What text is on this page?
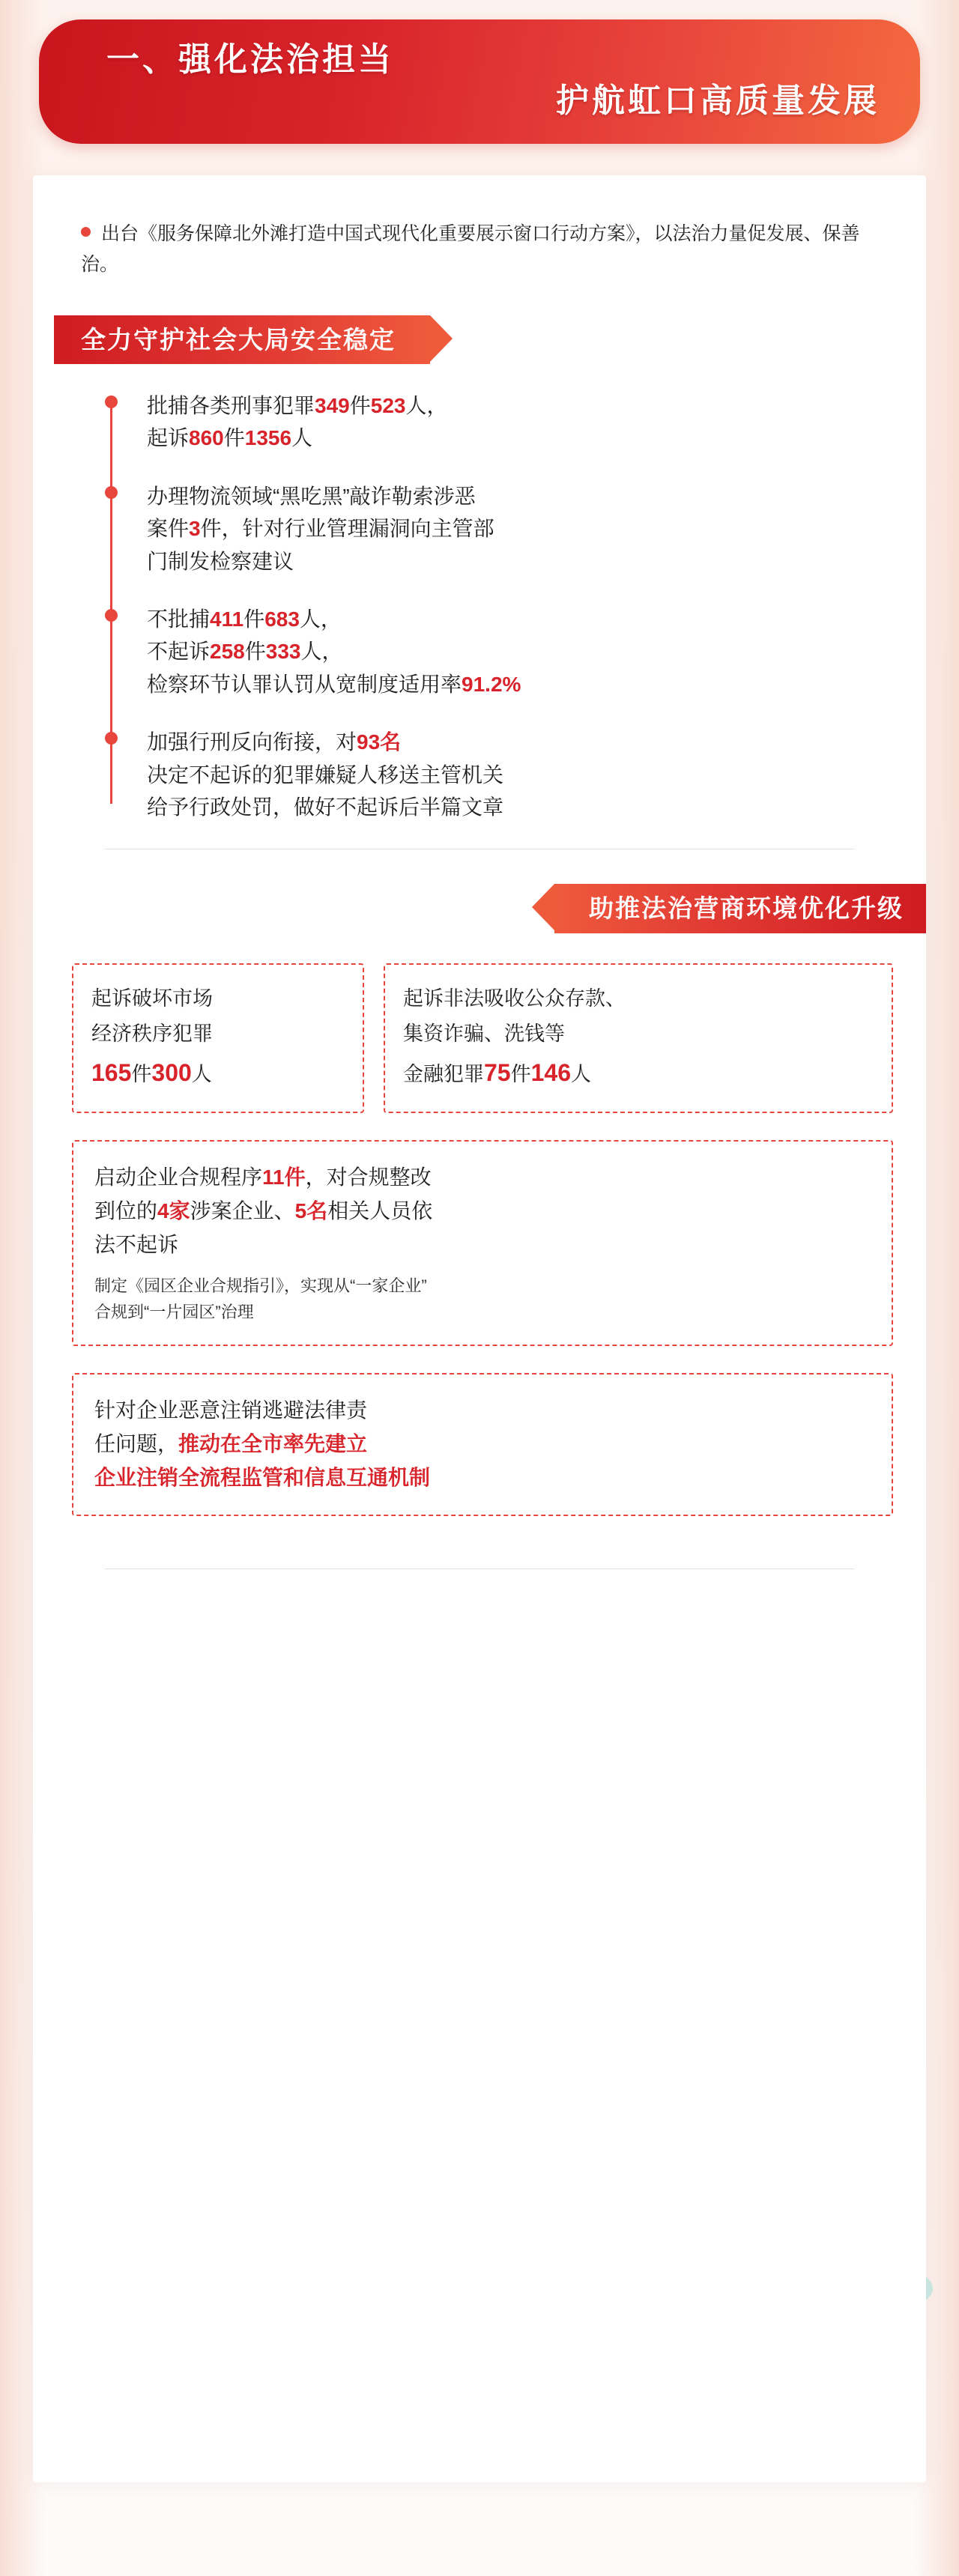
一、强化法治担当
护航虹口高质量发展
出台《服务保障北外滩打造中国式现代化重要展示窗口行动方案》，以法治力量促发展、保善治。
全力守护社会大局安全稳定
批捕各类刑事犯罪349件523人，
起诉860件1356人
办理物流领域“黑吃黑”敲诈勒索涉恶
案件3件，针对行业管理漏洞向主管部
门制发检察建议
不批捕411件683人，
不起诉258件333人，
检察环节认罪认罚从宽制度适用率91.2%
加强行刑反向衔接，对93名
决定不起诉的犯罪嫌疑人移送主管机关
给予行政处罚，做好不起诉后半篇文章
助推法治营商环境优化升级
起诉破坏市场
经济秩序犯罪
165件300人
起诉非法吸收公众存款、
集资诈骗、洗钱等
金融犯罪75件146人
启动企业合规程序11件，对合规整改
到位的4家涉案企业、5名相关人员依
法不起诉
制定《园区企业合规指引》，实现从“一家企业”
合规到“一片园区”治理
针对企业恶意注销逃避法律责
任问题，推动在全市率先建立
企业注销全流程监管和信息互通机制
